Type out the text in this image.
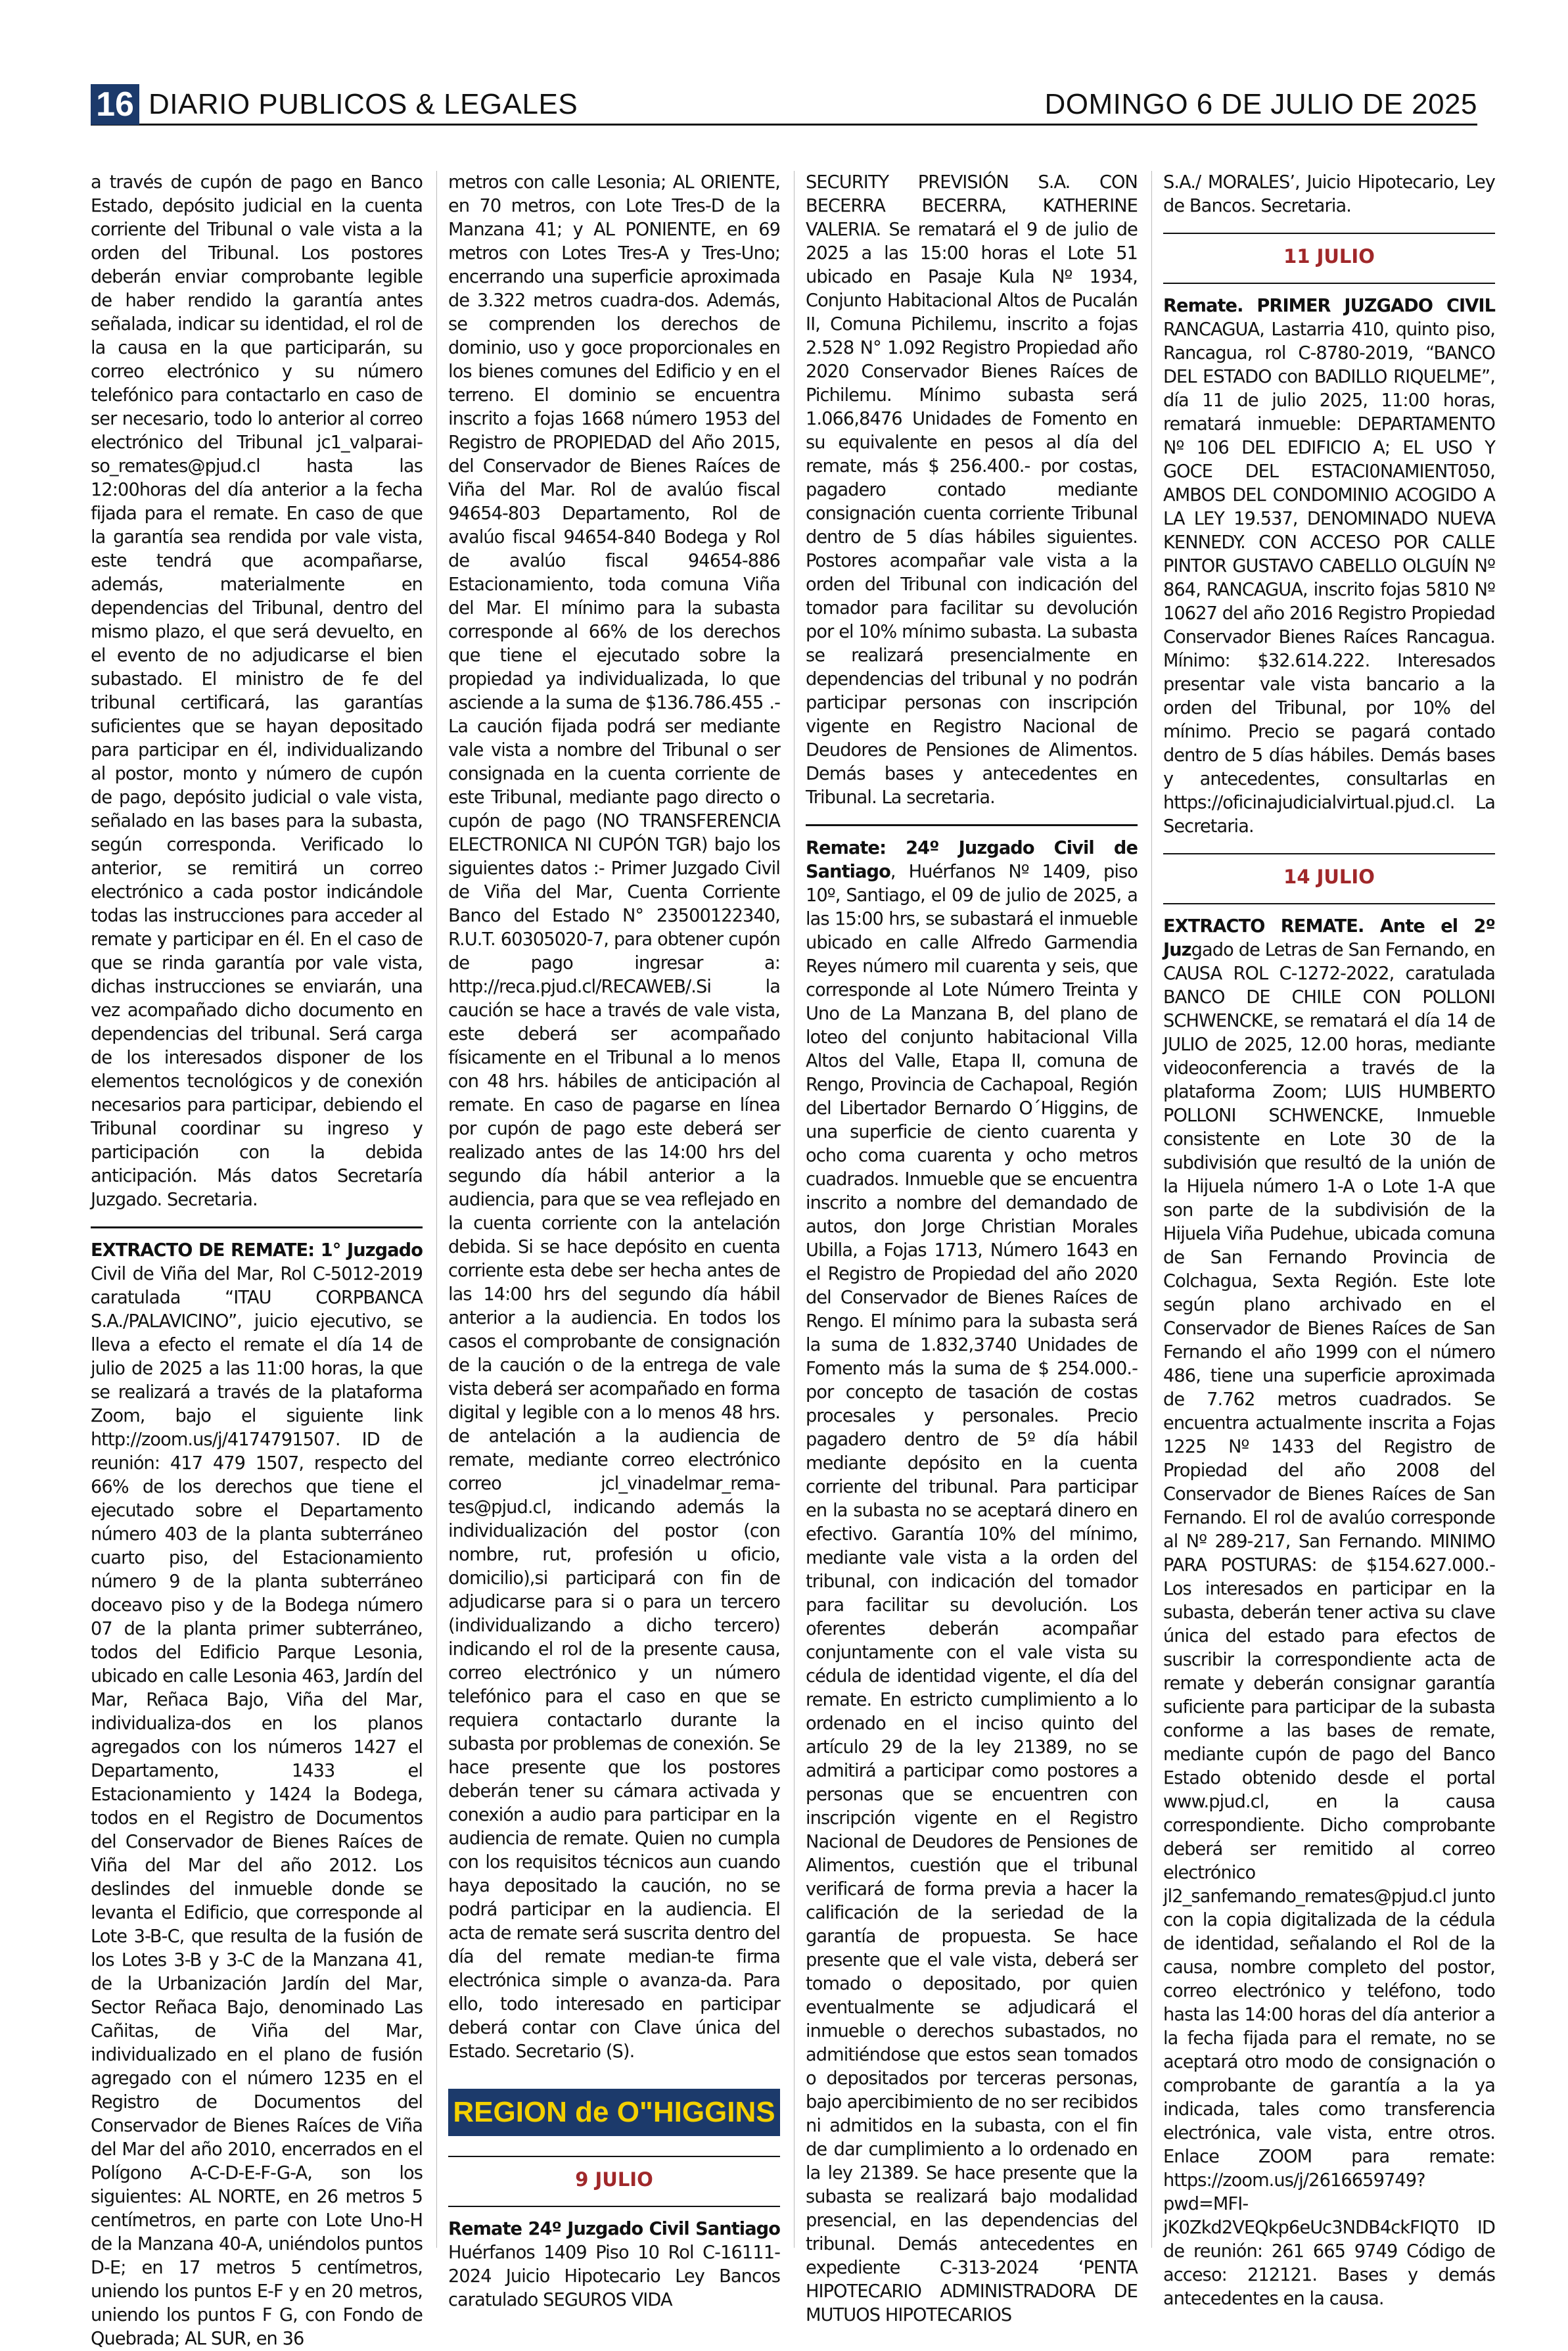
16 DIARIO PUBLICOS & LEGALES	DOMINGO 6 DE JULIO DE 2025

a través de cupón de pago en Banco Estado, depósito judicial en la cuenta corriente del Tribunal o vale vista a la orden del Tribunal. Los postores deberán enviar comprobante legible de haber rendido la garantía antes señalada, indicar su identidad, el rol de la causa en la que participarán, su correo electrónico y su número telefónico para contactarlo en caso de ser necesario, todo lo anterior al correo electrónico del Tribunal jc1_valparai-so_remates@pjud.cl hasta las 12:00horas del día anterior a la fecha fijada para el remate. En caso de que la garantía sea rendida por vale vista, este tendrá que acompañarse, además, materialmente en dependencias del Tribunal, dentro del mismo plazo, el que será devuelto, en el evento de no adjudicarse el bien subastado. El ministro de fe del tribunal certificará, las garantías suficientes que se hayan depositado para participar en él, individualizando al postor, monto y número de cupón de pago, depósito judicial o vale vista, señalado en las bases para la subasta, según corresponda. Verificado lo anterior, se remitirá un correo electrónico a cada postor indicándole todas las instrucciones para acceder al remate y participar en él. En el caso de que se rinda garantía por vale vista, dichas instrucciones se enviarán, una vez acompañado dicho documento en dependencias del tribunal. Será carga de los interesados disponer de los elementos tecnológicos y de conexión necesarios para participar, debiendo el Tribunal coordinar su ingreso y participación con la debida anticipación. Más datos Secretaría Juzgado. Secretaria.

EXTRACTO DE REMATE: 1° Juzgado Civil de Viña del Mar, Rol C-5012-2019 caratulada “ITAU CORPBANCA S.A./PALAVICINO”, juicio ejecutivo, se lleva a efecto el remate el día 14 de julio de 2025 a las 11:00 horas, la que se realizará a través de la plataforma Zoom, bajo el siguiente link http://zoom.us/j/4174791507. ID de reunión: 417 479 1507, respecto del 66% de los derechos que tiene el ejecutado sobre el Departamento número 403 de la planta subterráneo cuarto piso, del Estacionamiento número 9 de la planta subterráneo doceavo piso y de la Bodega número 07 de la planta primer subterráneo, todos del Edificio Parque Lesonia, ubicado en calle Lesonia 463, Jardín del Mar, Reñaca Bajo, Viña del Mar, individualiza-dos en los planos agregados con los números 1427 el Departamento, 1433 el Estacionamiento y 1424 la Bodega, todos en el Registro de Documentos del Conservador de Bienes Raíces de Viña del Mar del año 2012. Los deslindes del inmueble donde se levanta el Edificio, que corresponde al Lote 3-B-C, que resulta de la fusión de los Lotes 3-B y 3-C de la Manzana 41, de la Urbanización Jardín del Mar, Sector Reñaca Bajo, denominado Las Cañitas, de Viña del Mar, individualizado en el plano de fusión agregado con el número 1235 en el Registro de Documentos del Conservador de Bienes Raíces de Viña del Mar del año 2010, encerrados en el Polígono A-C-D-E-F-G-A, son los siguientes: AL NORTE, en 26 metros 5 centímetros, en parte con Lote Uno-H de la Manzana 40-A, uniéndolos puntos D-E; en 17 metros 5 centímetros, uniendo los puntos E-F y en 20 metros, uniendo los puntos F G, con Fondo de Quebrada; AL SUR, en 36

metros con calle Lesonia; AL ORIENTE, en 70 metros, con Lote Tres-D de la Manzana 41; y AL PONIENTE, en 69 metros con Lotes Tres-A y Tres-Uno; encerrando una superficie aproximada de 3.322 metros cuadra-dos. Además, se comprenden los derechos de dominio, uso y goce proporcionales en los bienes comunes del Edificio y en el terreno. El dominio se encuentra inscrito a fojas 1668 número 1953 del Registro de PROPIEDAD del Año 2015, del Conservador de Bienes Raíces de Viña del Mar. Rol de avalúo fiscal 94654-803 Departamento, Rol de avalúo fiscal 94654-840 Bodega y Rol de avalúo fiscal 94654-886 Estacionamiento, toda comuna Viña del Mar. El mínimo para la subasta corresponde al 66% de los derechos que tiene el ejecutado sobre la propiedad ya individualizada, lo que asciende a la suma de $136.786.455 .- La caución fijada podrá ser mediante vale vista a nombre del Tribunal o ser consignada en la cuenta corriente de este Tribunal, mediante pago directo o cupón de pago (NO TRANSFERENCIA ELECTRONICA NI CUPÓN TGR) bajo los siguientes datos :- Primer Juzgado Civil de Viña del Mar, Cuenta Corriente Banco del Estado N° 23500122340, R.U.T. 60305020-7, para obtener cupón de pago ingresar a: http://reca.pjud.cl/RECAWEB/.Si la caución se hace a través de vale vista, este deberá ser acompañado físicamente en el Tribunal a lo menos con 48 hrs. hábiles de anticipación al remate. En caso de pagarse en línea por cupón de pago este deberá ser realizado antes de las 14:00 hrs del segundo día hábil anterior a la audiencia, para que se vea reflejado en la cuenta corriente con la antelación debida. Si se hace depósito en cuenta corriente esta debe ser hecha antes de las 14:00 hrs del segundo día hábil anterior a la audiencia. En todos los casos el comprobante de consignación de la caución o de la entrega de vale vista deberá ser acompañado en forma digital y legible con a lo menos 48 hrs. de antelación a la audiencia de remate, mediante correo electrónico correo jcl_vinadelmar_rema-tes@pjud.cl, indicando además la individualización del postor (con nombre, rut, profesión u oficio, domicilio),si participará con fin de adjudicarse para si o para un tercero (individualizando a dicho tercero) indicando el rol de la presente causa, correo electrónico y un número telefónico para el caso en que se requiera contactarlo durante la subasta por problemas de conexión. Se hace presente que los postores deberán tener su cámara activada y conexión a audio para participar en la audiencia de remate. Quien no cumpla con los requisitos técnicos aun cuando haya depositado la caución, no se podrá participar en la audiencia. El acta de remate será suscrita dentro del día del remate median-te firma electrónica simple o avanza-da. Para ello, todo interesado en participar deberá contar con Clave única del Estado. Secretario (S).

REGION de O"HIGGINS
9 JULIO

Remate 24º Juzgado Civil Santiago Huérfanos 1409 Piso 10 Rol C-16111-2024 Juicio Hipotecario Ley Bancos caratulado SEGUROS VIDA

SECURITY PREVISIÓN S.A. CON BECERRA BECERRA, KATHERINE VALERIA. Se rematará el 9 de julio de 2025 a las 15:00 horas el Lote 51 ubicado en Pasaje Kula Nº 1934, Conjunto Habitacional Altos de Pucalán II, Comuna Pichilemu, inscrito a fojas 2.528 N° 1.092 Registro Propiedad año 2020 Conservador Bienes Raíces de Pichilemu. Mínimo subasta será 1.066,8476 Unidades de Fomento en su equivalente en pesos al día del remate, más $ 256.400.- por costas, pagadero contado mediante consignación cuenta corriente Tribunal dentro de 5 días hábiles siguientes. Postores acompañar vale vista a la orden del Tribunal con indicación del tomador para facilitar su devolución por el 10% mínimo subasta. La subasta se realizará presencialmente en dependencias del tribunal y no podrán participar personas con inscripción vigente en Registro Nacional de Deudores de Pensiones de Alimentos. Demás bases y antecedentes en Tribunal. La secretaria.

Remate: 24º Juzgado Civil de Santiago, Huérfanos Nº 1409, piso 10º, Santiago, el 09 de julio de 2025, a las 15:00 hrs, se subastará el inmueble ubicado en calle Alfredo Garmendia Reyes número mil cuarenta y seis, que corresponde al Lote Número Treinta y Uno de La Manzana B, del plano de loteo del conjunto habitacional Villa Altos del Valle, Etapa II, comuna de Rengo, Provincia de Cachapoal, Región del Libertador Bernardo O´Higgins, de una superficie de ciento cuarenta y ocho coma cuarenta y ocho metros cuadrados. Inmueble que se encuentra inscrito a nombre del demandado de autos, don Jorge Christian Morales Ubilla, a Fojas 1713, Número 1643 en el Registro de Propiedad del año 2020 del Conservador de Bienes Raíces de Rengo. El mínimo para la subasta será la suma de 1.832,3740 Unidades de Fomento más la suma de $ 254.000.- por concepto de tasación de costas procesales y personales. Precio pagadero dentro de 5º día hábil mediante depósito en la cuenta corriente del tribunal. Para participar en la subasta no se aceptará dinero en efectivo. Garantía 10% del mínimo, mediante vale vista a la orden del tribunal, con indicación del tomador para facilitar su devolución. Los oferentes deberán acompañar conjuntamente con el vale vista su cédula de identidad vigente, el día del remate. En estricto cumplimiento a lo ordenado en el inciso quinto del artículo 29 de la ley 21389, no se admitirá a participar como postores a personas que se encuentren con inscripción vigente en el Registro Nacional de Deudores de Pensiones de Alimentos, cuestión que el tribunal verificará de forma previa a hacer la calificación de la seriedad de la garantía de propuesta. Se hace presente que el vale vista, deberá ser tomado o depositado, por quien eventualmente se adjudicará el inmueble o derechos subastados, no admitiéndose que estos sean tomados o depositados por terceras personas, bajo apercibimiento de no ser recibidos ni admitidos en la subasta, con el fin de dar cumplimiento a lo ordenado en la ley 21389. Se hace presente que la subasta se realizará bajo modalidad presencial, en las dependencias del tribunal. Demás antecedentes en expediente C-313-2024 ‘PENTA HIPOTECARIO ADMINISTRADORA DE MUTUOS HIPOTECARIOS

S.A./ MORALES’, Juicio Hipotecario, Ley de Bancos. Secretaria.

11 JULIO

Remate. PRIMER JUZGADO CIVIL RANCAGUA, Lastarria 410, quinto piso, Rancagua, rol C-8780-2019, “BANCO DEL ESTADO con BADILLO RIQUELME”, día 11 de julio 2025, 11:00 horas, rematará inmueble: DEPARTAMENTO Nº 106 DEL EDIFICIO A; EL USO Y GOCE DEL ESTACI0NAMIENT050, AMBOS DEL CONDOMINIO ACOGIDO A LA LEY 19.537, DENOMINADO NUEVA KENNEDY. CON ACCESO POR CALLE PINTOR GUSTAVO CABELLO OLGUÍN Nº 864, RANCAGUA, inscrito fojas 5810 Nº 10627 del año 2016 Registro Propiedad Conservador Bienes Raíces Rancagua. Mínimo: $32.614.222. Interesados presentar vale vista bancario a la orden del Tribunal, por 10% del mínimo. Precio se pagará contado dentro de 5 días hábiles. Demás bases y antecedentes, consultarlas en https://oficinajudicialvirtual.pjud.cl. La Secretaria.

14 JULIO

EXTRACTO REMATE. Ante el 2º Juzgado de Letras de San Fernando, en CAUSA ROL C-1272-2022, caratulada BANCO DE CHILE CON POLLONI SCHWENCKE, se rematará el día 14 de JULIO de 2025, 12.00 horas, mediante videoconferencia a través de la plataforma Zoom; LUIS HUMBERTO POLLONI SCHWENCKE, Inmueble consistente en Lote 30 de la subdivisión que resultó de la unión de la Hijuela número 1-A o Lote 1-A que son parte de la subdivisión de la Hijuela Viña Pudehue, ubicada comuna de San Fernando Provincia de Colchagua, Sexta Región. Este lote según plano archivado en el Conservador de Bienes Raíces de San Fernando el año 1999 con el número 486, tiene una superficie aproximada de 7.762 metros cuadrados. Se encuentra actualmente inscrita a Fojas 1225 Nº 1433 del Registro de Propiedad del año 2008 del Conservador de Bienes Raíces de San Fernando. El rol de avalúo corresponde al Nº 289-217, San Fernando. MINIMO PARA POSTURAS: de $154.627.000.- Los interesados en participar en la subasta, deberán tener activa su clave única del estado para efectos de suscribir la correspondiente acta de remate y deberán consignar garantía suficiente para participar de la subasta conforme a las bases de remate, mediante cupón de pago del Banco Estado obtenido desde el portal www.pjud.cl, en la causa correspondiente. Dicho comprobante deberá ser remitido al correo electrónico jl2_sanfemando_remates@pjud.cl junto con la copia digitalizada de la cédula de identidad, señalando el Rol de la causa, nombre completo del postor, correo electrónico y teléfono, todo hasta las 14:00 horas del día anterior a la fecha fijada para el remate, no se aceptará otro modo de consignación o comprobante de garantía a la ya indicada, tales como transferencia electrónica, vale vista, entre otros. Enlace ZOOM para remate: https://zoom.us/j/2616659749?pwd=MFI-jK0Zkd2VEQkp6eUc3NDB4ckFIQT0 ID de reunión: 261 665 9749 Código de acceso: 212121. Bases y demás antecedentes en la causa.
